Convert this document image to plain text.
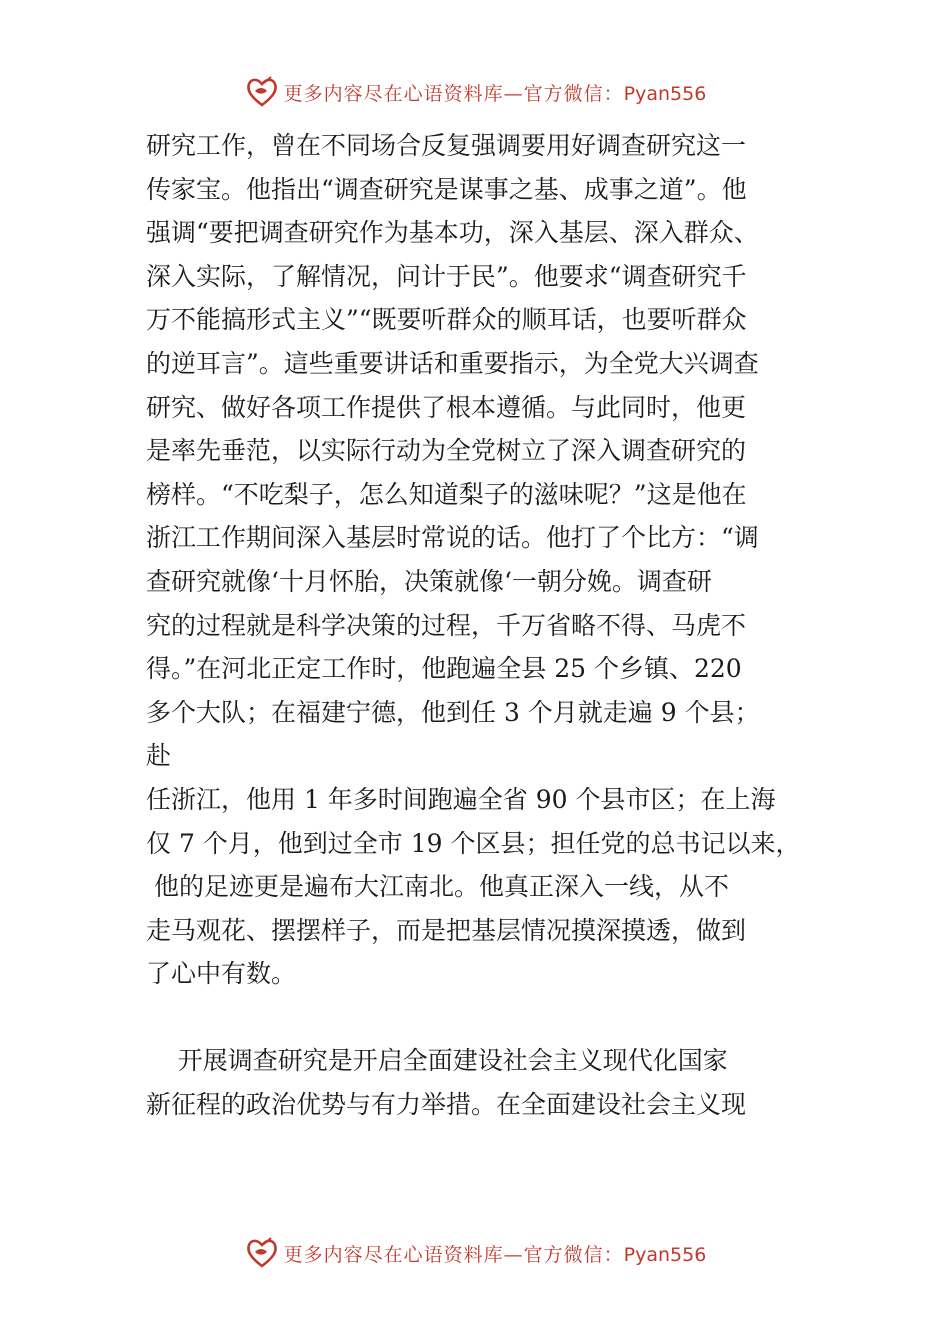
更多内容尽在心语资料库—官方微信：Pyan556
研究工作，曾在不同场合反复强调要用好调查研究这一
传家宝。他指出“调查研究是谋事之基、成事之道”。他
强调“要把调查研究作为基本功，深入基层、深入群众、
深入实际，了解情况，问计于民”。他要求“调查研究千
万不能搞形式主义”“既要听群众的顺耳话，也要听群众
的逆耳言”。這些重要讲话和重要指示，为全党大兴调查
研究、做好各项工作提供了根本遵循。与此同时，他更
是率先垂范，以实际行动为全党树立了深入调查研究的
榜样。“不吃梨子，怎么知道梨子的滋味呢？”这是他在
浙江工作期间深入基层时常说的话。他打了个比方：“调
查研究就像‘十月怀胎，决策就像‘一朝分娩。调查研
究的过程就是科学决策的过程，千万省略不得、马虎不
得。”在河北正定工作时，他跑遍全县 25 个乡镇、220
多个大队；在福建宁德，他到任 3 个月就走遍 9 个县；
赴
任浙江，他用 1 年多时间跑遍全省 90 个县市区；在上海
仅 7 个月，他到过全市 19 个区县；担任党的总书记以来，
他的足迹更是遍布大江南北。他真正深入一线，从不
走马观花、摆摆样子，而是把基层情况摸深摸透，做到
了心中有数。
开展调查研究是开启全面建设社会主义现代化国家
新征程的政治优势与有力举措。在全面建设社会主义现
更多内容尽在心语资料库—官方微信：Pyan556
